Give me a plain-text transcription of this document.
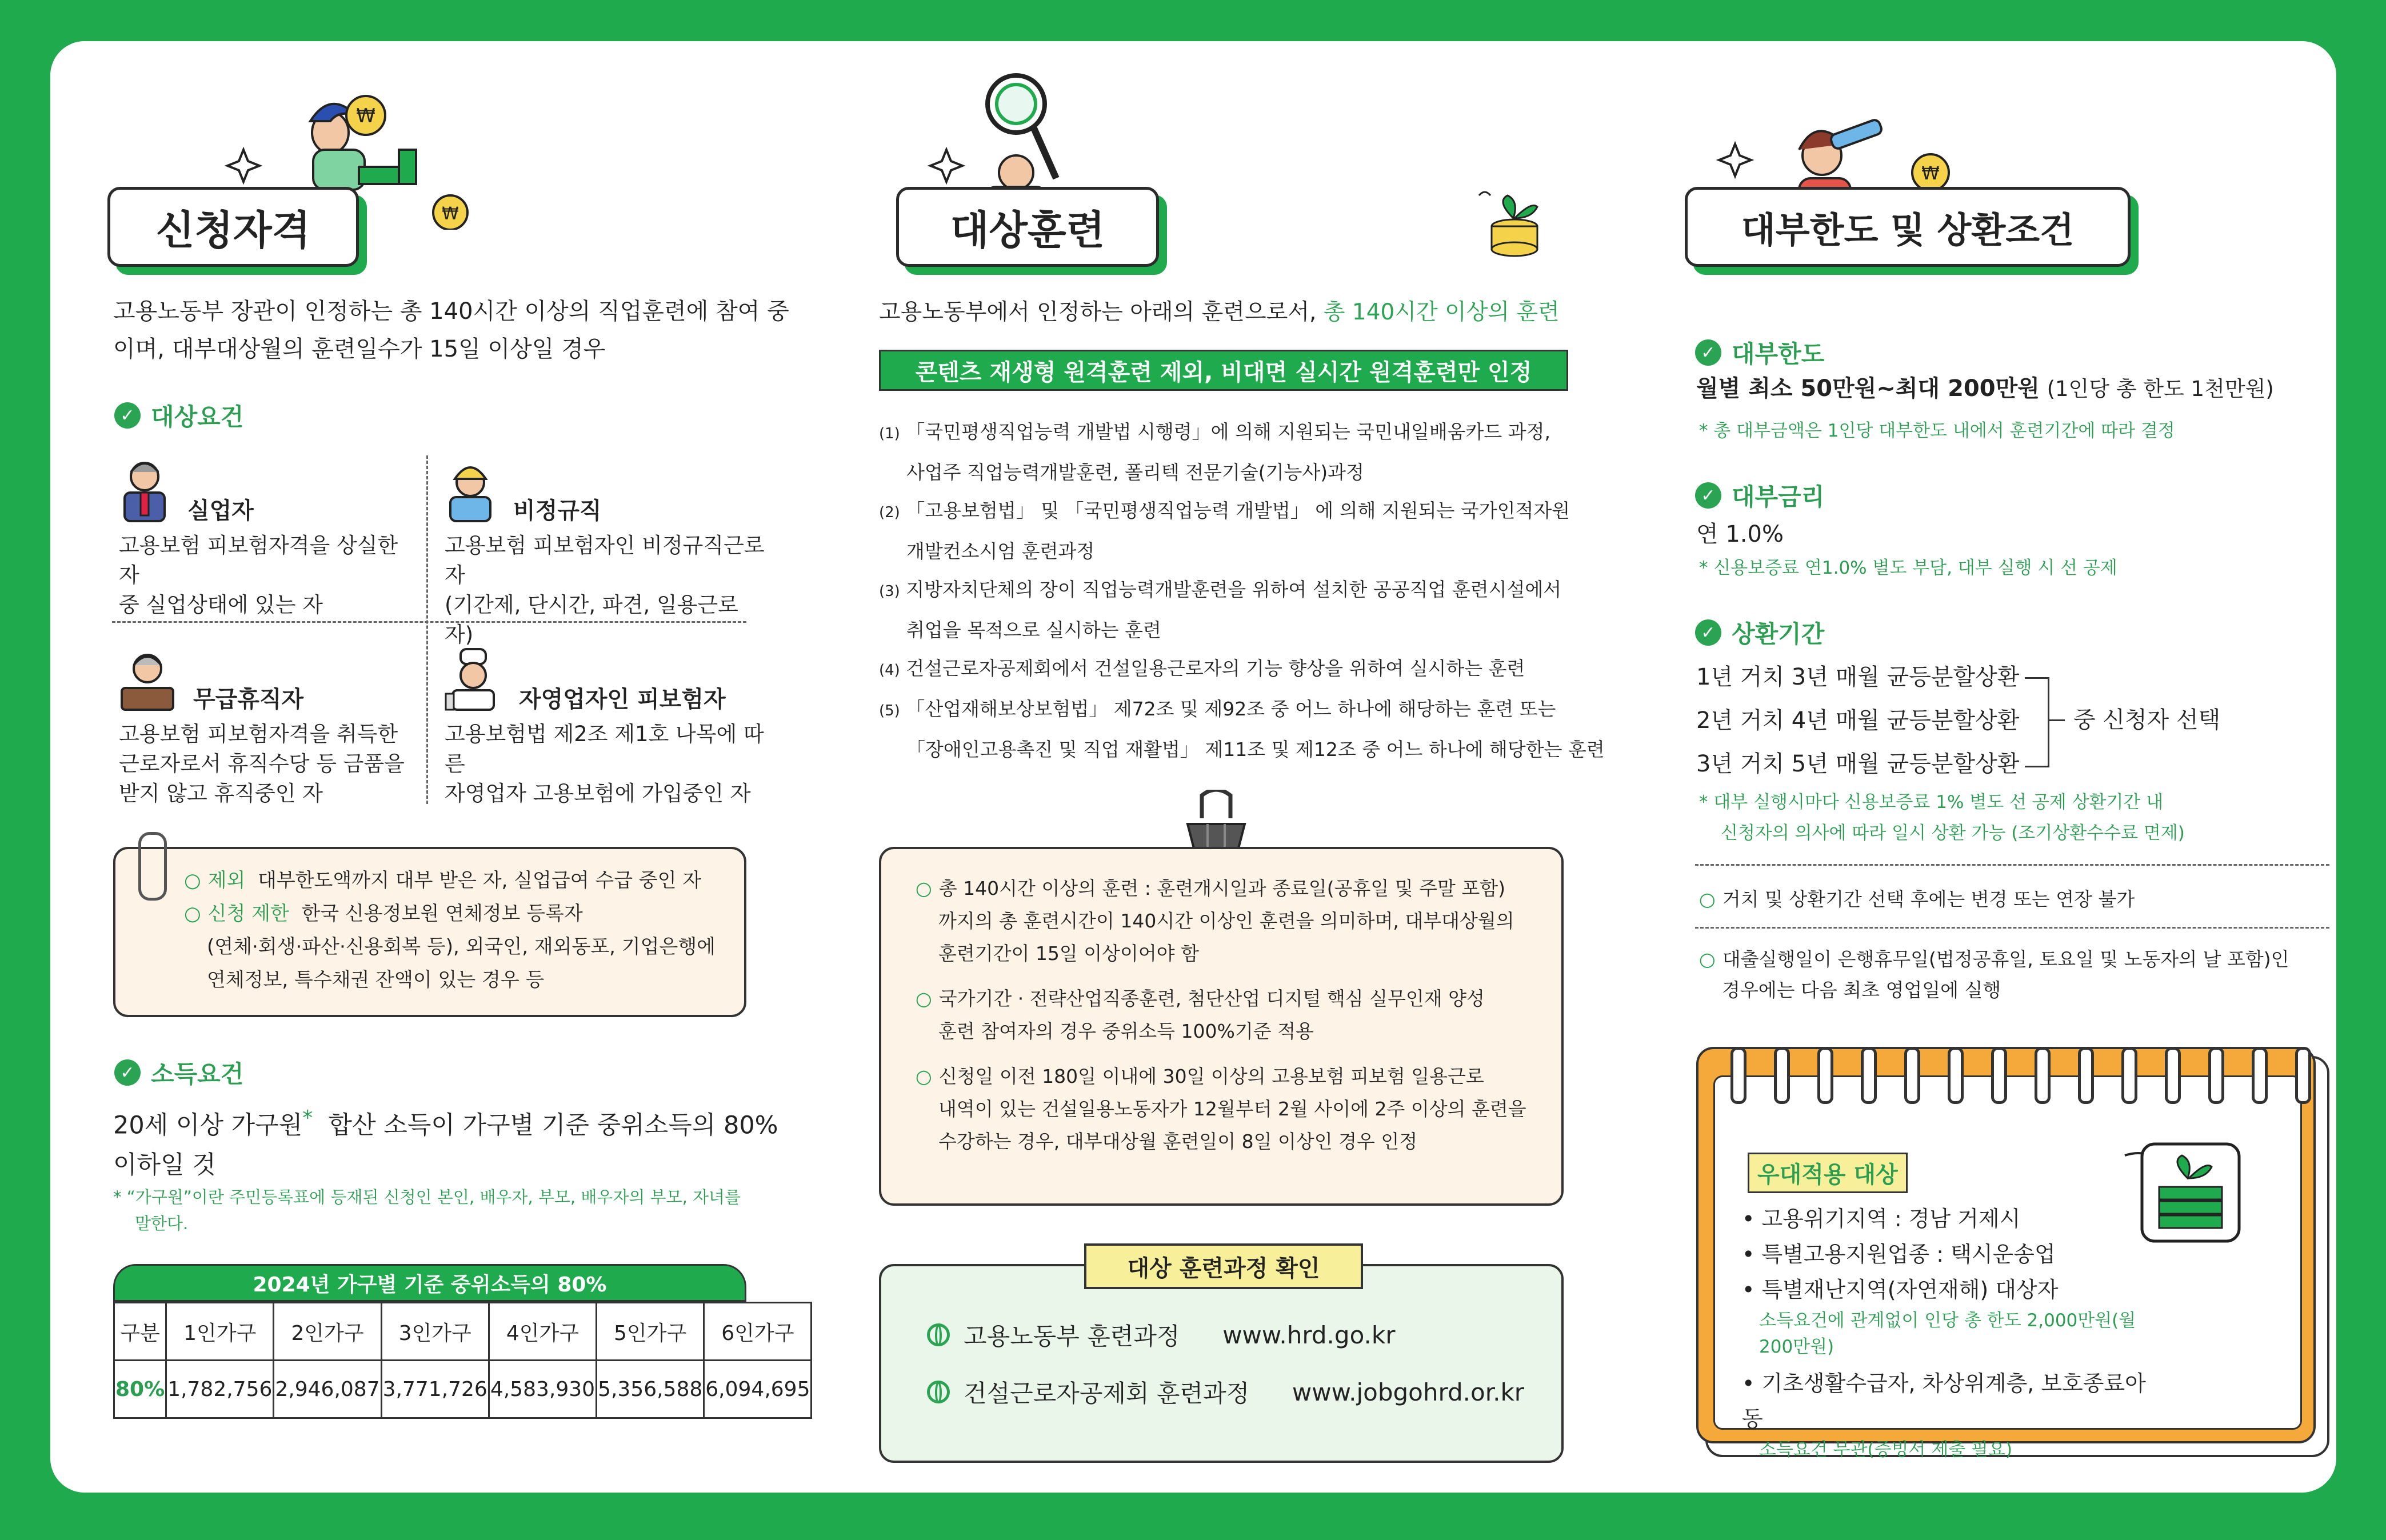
₩
₩
신청자격
고용노동부 장관이 인정하는 총 140시간 이상의 직업훈련에 참여 중
이며, 대부대상월의 훈련일수가 15일 이상일 경우
✓ 대상요건
실업자
고용보험 피보험자격을 상실한 자
중 실업상태에 있는 자
비정규직
고용보험 피보험자인 비정규직근로자
(기간제, 단시간, 파견, 일용근로자)
무급휴직자
고용보험 피보험자격을 취득한
근로자로서 휴직수당 등 금품을
받지 않고 휴직중인 자
자영업자인 피보험자
고용보험법 제2조 제1호 나목에 따른
자영업자 고용보험에 가입중인 자
○ 제외 대부한도액까지 대부 받은 자, 실업급여 수급 중인 자
○ 신청 제한 한국 신용정보원 연체정보 등록자
(연체·회생·파산·신용회복 등), 외국인, 재외동포, 기업은행에
연체정보, 특수채권 잔액이 있는 경우 등
✓ 소득요건
20세 이상 가구원* 합산 소득이 가구별 기준 중위소득의 80%
이하일 것
* “가구원”이란 주민등록표에 등재된 신청인 본인, 배우자, 부모, 배우자의 부모, 자녀를
말한다.
2024년 가구별 기준 중위소득의 80%
구분	1인가구	2인가구	3인가구	4인가구	5인가구	6인가구
80%	1,782,756	2,946,087	3,771,726	4,583,930	5,356,588	6,094,695
대상훈련
고용노동부에서 인정하는 아래의 훈련으로서, 총 140시간 이상의 훈련
콘텐츠 재생형 원격훈련 제외, 비대면 실시간 원격훈련만 인정
(1) 「국민평생직업능력 개발법 시행령」에 의해 지원되는 국민내일배움카드 과정,
사업주 직업능력개발훈련, 폴리텍 전문기술(기능사)과정
(2) 「고용보험법」 및 「국민평생직업능력 개발법」 에 의해 지원되는 국가인적자원
개발컨소시엄 훈련과정
(3) 지방자치단체의 장이 직업능력개발훈련을 위하여 설치한 공공직업 훈련시설에서
취업을 목적으로 실시하는 훈련
(4) 건설근로자공제회에서 건설일용근로자의 기능 향상을 위하여 실시하는 훈련
(5) 「산업재해보상보험법」 제72조 및 제92조 중 어느 하나에 해당하는 훈련 또는
「장애인고용촉진 및 직업 재활법」 제11조 및 제12조 중 어느 하나에 해당한는 훈련
○ 총 140시간 이상의 훈련 : 훈련개시일과 종료일(공휴일 및 주말 포함)
까지의 총 훈련시간이 140시간 이상인 훈련을 의미하며, 대부대상월의
훈련기간이 15일 이상이어야 함
○ 국가기간 · 전략산업직종훈련, 첨단산업 디지털 핵심 실무인재 양성
훈련 참여자의 경우 중위소득 100%기준 적용
○ 신청일 이전 180일 이내에 30일 이상의 고용보험 피보험 일용근로
내역이 있는 건설일용노동자가 12월부터 2월 사이에 2주 이상의 훈련을
수강하는 경우, 대부대상월 훈련일이 8일 이상인 경우 인정
대상 훈련과정 확인
고용노동부 훈련과정
www.hrd.go.kr
건설근로자공제회 훈련과정
www.jobgohrd.or.kr
₩
대부한도 및 상환조건
✓ 대부한도
월별 최소 50만원~최대 200만원 (1인당 총 한도 1천만원)
* 총 대부금액은 1인당 대부한도 내에서 훈련기간에 따라 결정
✓ 대부금리
연 1.0%
* 신용보증료 연1.0% 별도 부담, 대부 실행 시 선 공제
✓ 상환기간
1년 거치 3년 매월 균등분할상환
2년 거치 4년 매월 균등분할상환
3년 거치 5년 매월 균등분할상환
중 신청자 선택
* 대부 실행시마다 신용보증료 1% 별도 선 공제 상환기간 내
신청자의 의사에 따라 일시 상환 가능 (조기상환수수료 면제)
○ 거치 및 상환기간 선택 후에는 변경 또는 연장 불가
○ 대출실행일이 은행휴무일(법정공휴일, 토요일 및 노동자의 날 포함)인
경우에는 다음 최초 영업일에 실행
우대적용 대상
• 고용위기지역 : 경남 거제시
• 특별고용지원업종 : 택시운송업
• 특별재난지역(자연재해) 대상자
소득요건에 관계없이 인당 총 한도 2,000만원(월 200만원)
• 기초생활수급자, 차상위계층, 보호종료아동
소득요건 무관(증빙서 제출 필요)
